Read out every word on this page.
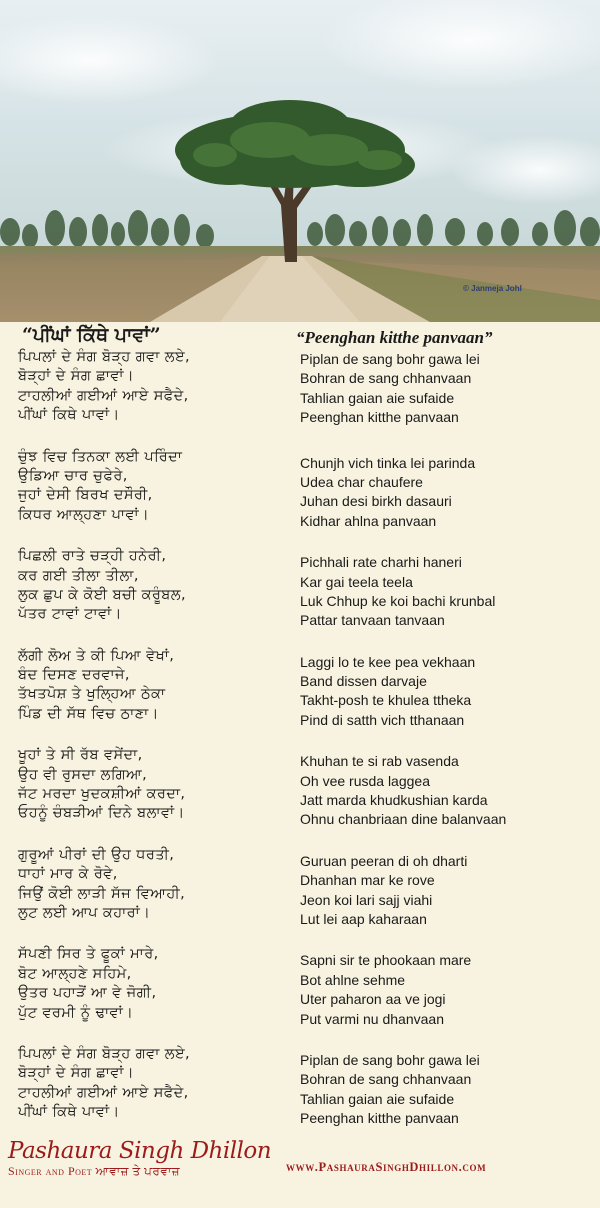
© Janmeja Johl
“ਪੀਂਘਾਂ ਕਿੱਥੇ ਪਾਵਾਂ”
ਪਿਪਲਾਂ ਦੇ ਸੰਗ ਬੋੜ੍ਹ ਗਵਾ ਲਏ,
ਬੋੜ੍ਹਾਂ ਦੇ ਸੰਗ ਛਾਵਾਂ।
ਟਾਹਲੀਆਂ ਗਈਆਂ ਆਏ ਸਫੈਦੇ,
ਪੀਂਘਾਂ ਕਿਥੇ ਪਾਵਾਂ।
ਚੁੰਝ ਵਿਚ ਤਿਨਕਾ ਲਈ ਪਰਿੰਦਾ
ਉਡਿਆ ਚਾਰ ਚੁਫੇਰੇ,
ਜੁਹਾਂ ਦੇਸੀ ਬਿਰਖ ਦਸੌਰੀ,
ਕਿਧਰ ਆਲ੍ਹਣਾ ਪਾਵਾਂ।
ਪਿਛਲੀ ਰਾਤੇ ਚੜ੍ਹੀ ਹਨੇਰੀ,
ਕਰ ਗਈ ਤੀਲਾ ਤੀਲਾ,
ਲੁਕ ਛੁਪ ਕੇ ਕੋਈ ਬਚੀ ਕਰੂੰਬਲ,
ਪੱਤਰ ਟਾਵਾਂ ਟਾਵਾਂ।
ਲੱਗੀ ਲੋਅ ਤੇ ਕੀ ਪਿਆ ਵੇਖਾਂ,
ਬੰਦ ਦਿਸਣ ਦਰਵਾਜੇ,
ਤੱਖਤਪੋਸ਼ ਤੇ ਖੁਲ੍ਹਿਆ ਠੇਕਾ
ਪਿੰਡ ਦੀ ਸੱਥ ਵਿਚ ਠਾਣਾ।
ਖੂਹਾਂ ਤੇ ਸੀ ਰੱਬ ਵਸੇਂਦਾ,
ਉਹ ਵੀ ਰੁਸਦਾ ਲਗਿਆ,
ਜੱਟ ਮਰਦਾ ਖੁਦਕਸ਼ੀਆਂ ਕਰਦਾ,
ਓਹਨੂੰ ਚੰਬੜੀਆਂ ਦਿਨੇ ਬਲਾਵਾਂ।
ਗੁਰੂਆਂ ਪੀਰਾਂ ਦੀ ਉਹ ਧਰਤੀ,
ਧਾਹਾਂ ਮਾਰ ਕੇ ਰੋਵੇ,
ਜਿਉਂ ਕੋਈ ਲਾੜੀ ਸੱਜ ਵਿਆਹੀ,
ਲੁਟ ਲਈ ਆਪ ਕਹਾਰਾਂ।
ਸੱਪਣੀ ਸਿਰ ਤੇ ਫੂਕਾਂ ਮਾਰੇ,
ਬੋਟ ਆਲ੍ਹਣੇ ਸਹਿਮੇ,
ਉਤਰ ਪਹਾੜੋਂ ਆ ਵੇ ਜੋਗੀ,
ਪੁੱਟ ਵਰਮੀ ਨੂੰ ਢਾਵਾਂ।
ਪਿਪਲਾਂ ਦੇ ਸੰਗ ਬੋੜ੍ਹ ਗਵਾ ਲਏ,
ਬੋੜ੍ਹਾਂ ਦੇ ਸੰਗ ਛਾਵਾਂ।
ਟਾਹਲੀਆਂ ਗਈਆਂ ਆਏ ਸਫੈਦੇ,
ਪੀਂਘਾਂ ਕਿਥੇ ਪਾਵਾਂ।
“Peenghan kitthe panvaan”
Piplan de sang bohr gawa lei
Bohran de sang chhanvaan
Tahlian gaian aie sufaide
Peenghan kitthe panvaan
Chunjh vich tinka lei parinda
Udea char chaufere
Juhan desi birkh dasauri
Kidhar ahlna panvaan
Pichhali rate charhi haneri
Kar gai teela teela
Luk Chhup ke koi bachi krunbal
Pattar tanvaan tanvaan
Laggi lo te kee pea vekhaan
Band dissen darvaje
Takht-posh te khulea ttheka
Pind di satth vich tthanaan
Khuhan te si rab vasenda
Oh vee rusda laggea
Jatt marda khudkushian karda
Ohnu chanbriaan dine balanvaan
Guruan peeran di oh dharti
Dhanhan mar ke rove
Jeon koi lari sajj viahi
Lut lei aap kaharaan
Sapni sir te phookaan mare
Bot ahlne sehme
Uter paharon aa ve jogi
Put varmi nu dhanvaan
Piplan de sang bohr gawa lei
Bohran de sang chhanvaan
Tahlian gaian aie sufaide
Peenghan kitthe panvaan
Pashaura Singh Dhillon
Singer and Poet ਆਵਾਜ਼ ਤੇ ਪਰਵਾਜ਼	www.PashauraSinghDhillon.com
